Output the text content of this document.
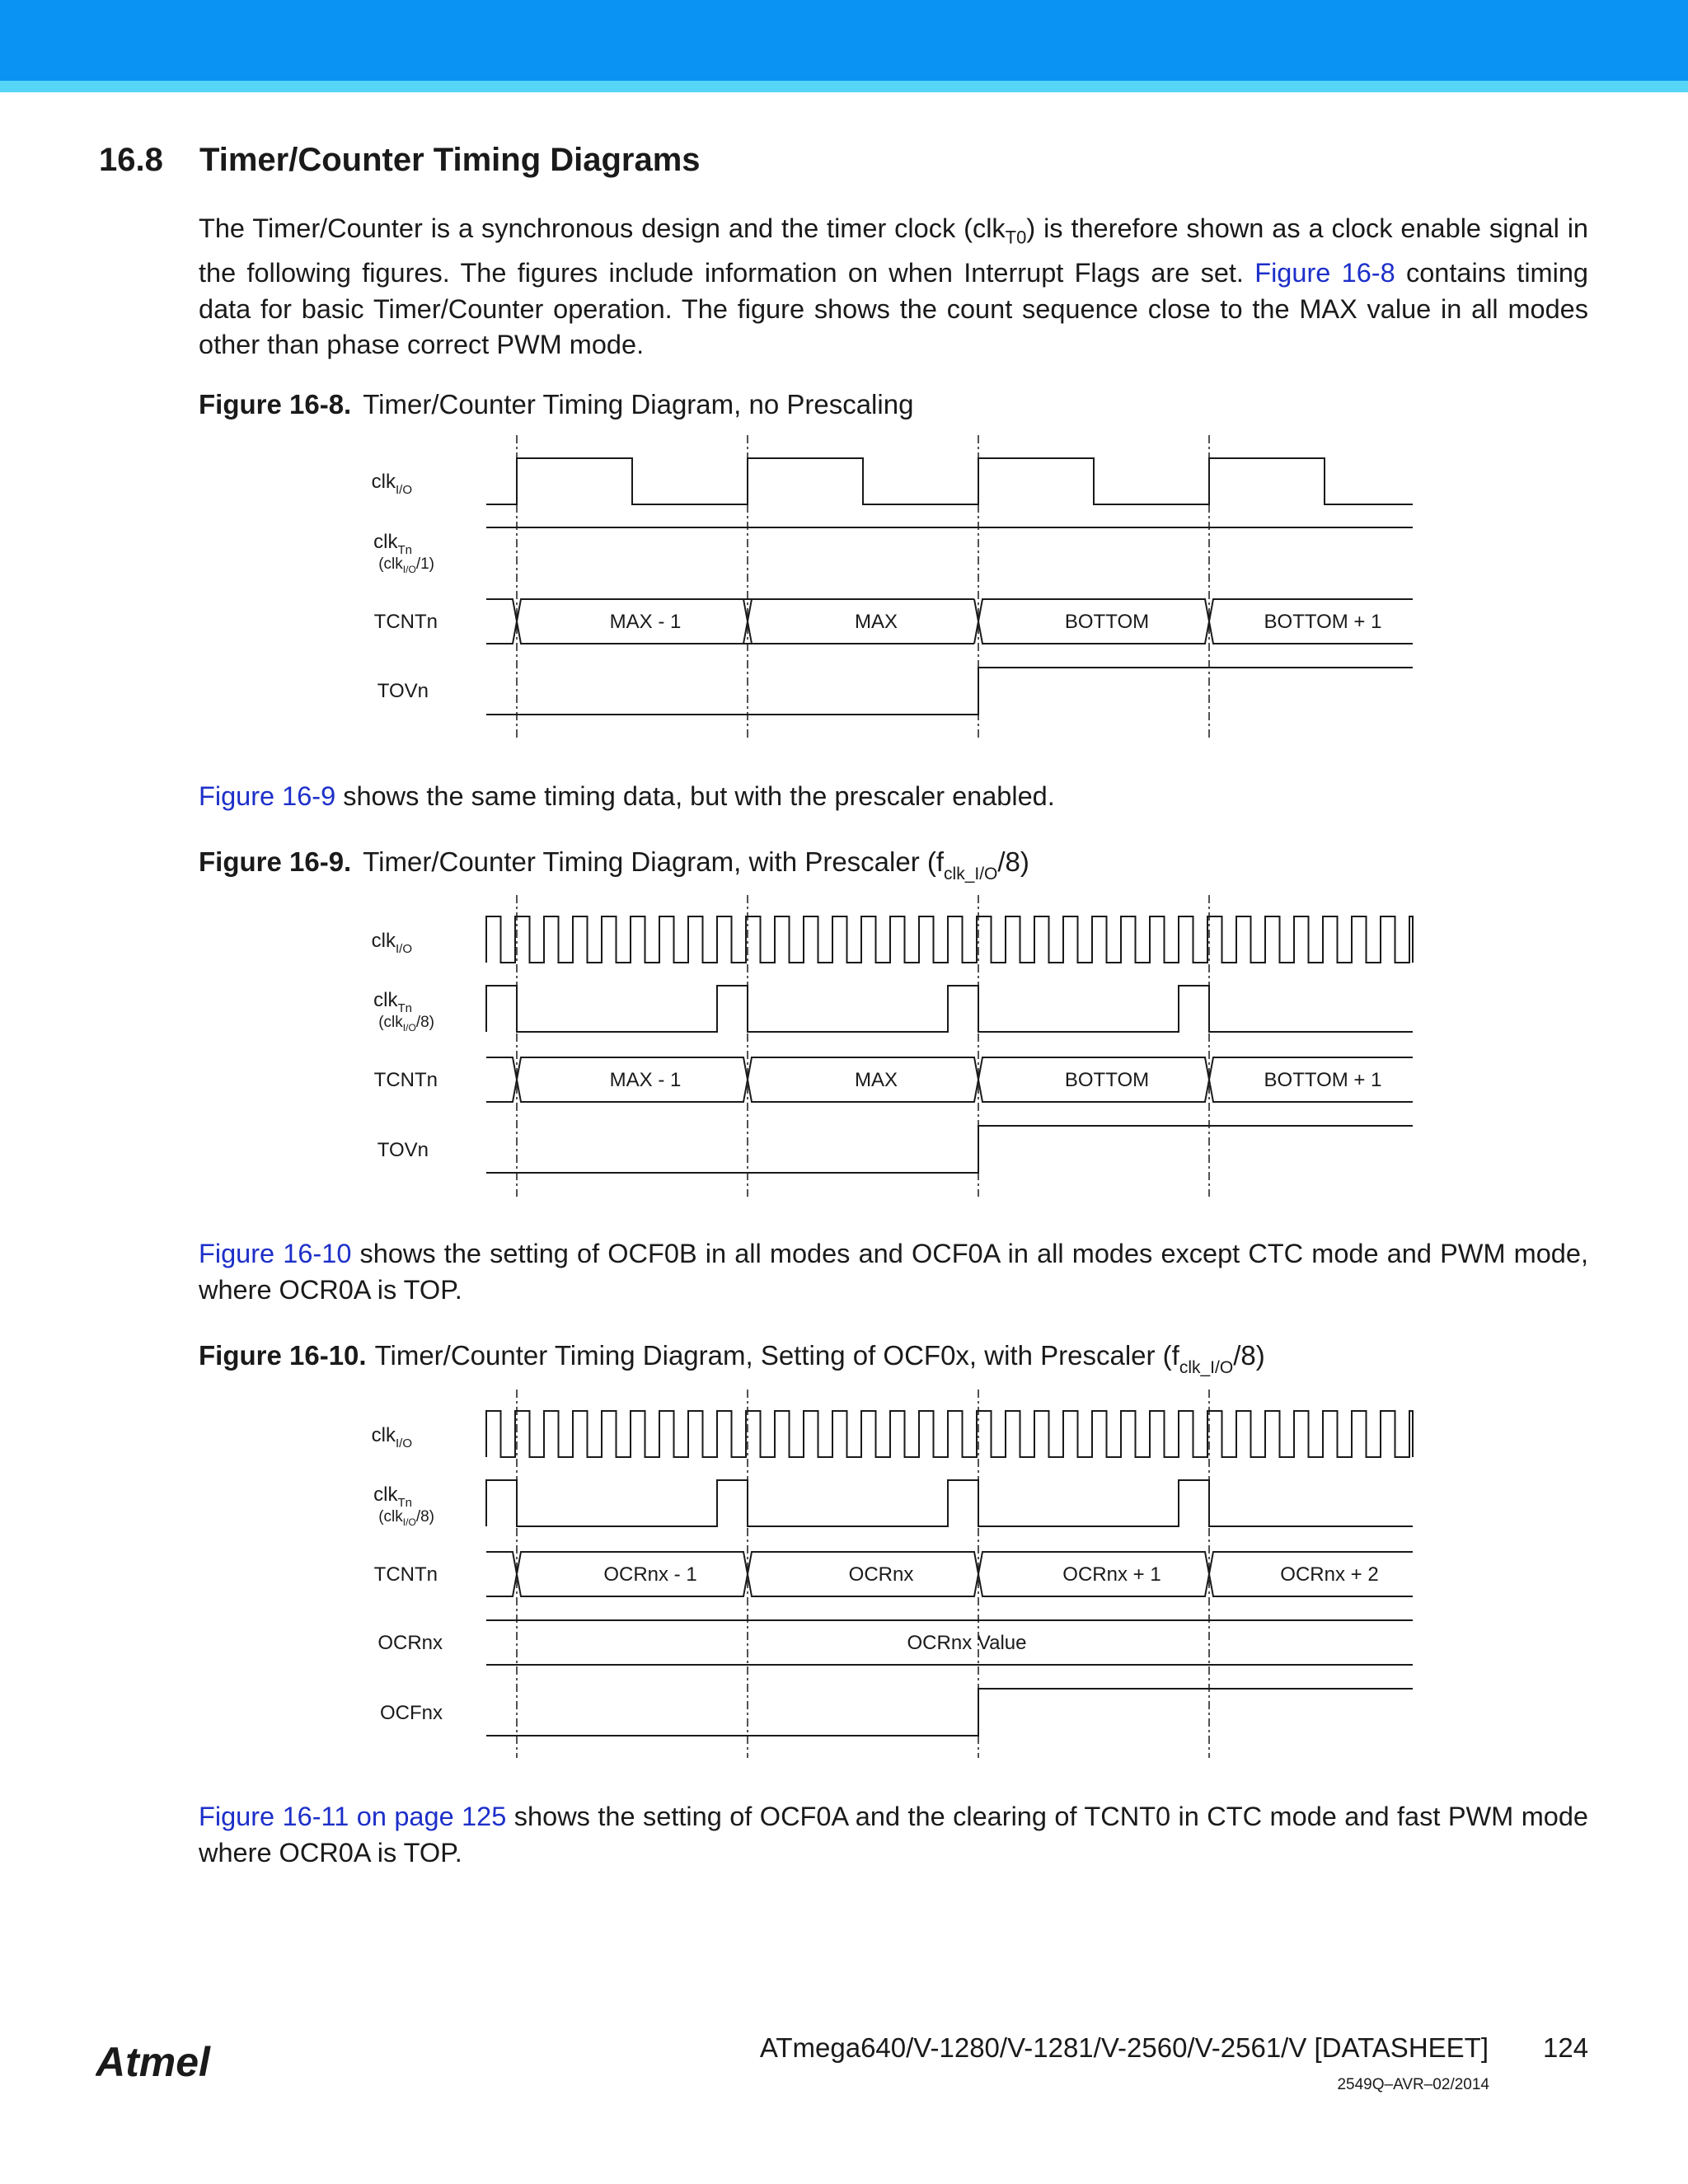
16.8 Timer/Counter Timing Diagrams
The Timer/Counter is a synchronous design and the timer clock (clk$_{T0}$) is therefore shown as a clock enable signal in the following figures. The figures include information on when Interrupt Flags are set. Figure 16-8 contains timing data for basic Timer/Counter operation. The figure shows the count sequence close to the MAX value in all modes other than phase correct PWM mode.
Figure 16-8. Timer/Counter Timing Diagram, no Prescaling
clk$_{I/O}$
clk$_{Tn}$
(clk$_{I/O}$/1)
TCNTn	MAX - 1	MAX	BOTTOM	BOTTOM + 1
TOVn
Figure 16-9 shows the same timing data, but with the prescaler enabled.
Figure 16-9. Timer/Counter Timing Diagram, with Prescaler $(f_{clk\_I/O}/8)$
clk$_{I/O}$
clk$_{Tn}$
(clk$_{I/O}$/8)
TCNTn	MAX - 1	MAX	BOTTOM	BOTTOM + 1
TOVn
Figure 16-10 shows the setting of OCF0B in all modes and OCF0A in all modes except CTC mode and PWM mode, where OCR0A is TOP.
Figure 16-10. Timer/Counter Timing Diagram, Setting of OCF0x, with Prescaler $(f_{clk\_I/O}/8)$
clk$_{I/O}$
clk$_{Tn}$
(clk$_{I/O}$/8)
TCNTn	OCRnx - 1	OCRnx	OCRnx + 1	OCRnx + 2
OCRnx	OCRnx Value
OCFnx
Figure 16-11 on page 125 shows the setting of OCF0A and the clearing of TCNT0 in CTC mode and fast PWM mode where OCR0A is TOP.
Atmel	ATmega640/V-1280/V-1281/V-2560/V-2561/V [DATASHEET] 124
2549Q–AVR–02/2014
